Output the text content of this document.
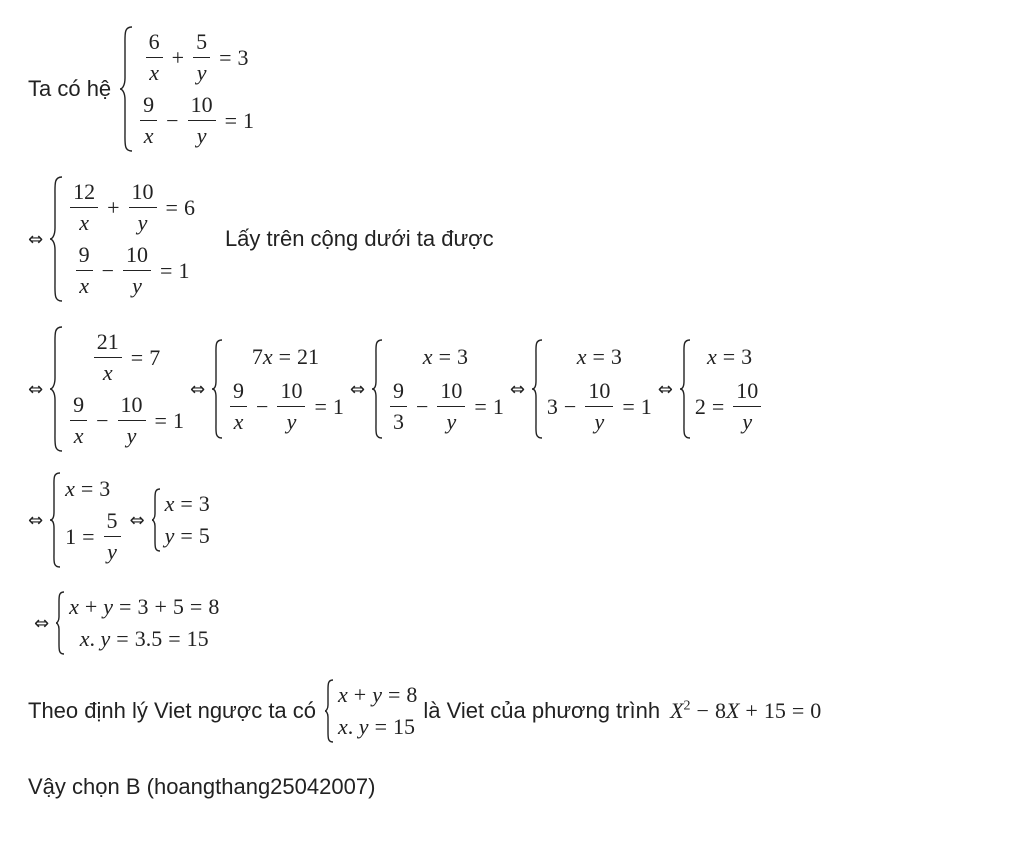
Ta có hệ
$\frac{6}{x} + \frac{5}{y} = 3$
$\frac{9}{x} - \frac{10}{y} = 1$
⇔
$\frac{12}{x} + \frac{10}{y} = 6$
$\frac{9}{x} - \frac{10}{y} = 1$
Lấy trên cộng dưới ta được
⇔
$\frac{21}{x} = 7$
$\frac{9}{x} - \frac{10}{y} = 1$
⇔
7 x = 21
$\frac{9}{x} - \frac{10}{y} = 1$
⇔
x = 3
$\frac{9}{3} - \frac{10}{y} = 1$
⇔
x = 3
$3 - \frac{10}{y} = 1$
⇔
x = 3
$2 = \frac{10}{y}$
⇔
x = 3
$1 = \frac{5}{y}$ ⇔
x = 3
y = 5
⇔
x + y = 3 + 5 = 8
x . y = 3.5 = 15
Theo định lý Viet ngược ta có
x + y = 8
x . y = 15
là Viet của phương trình $X^2 - 8X + 15 = 0$
Vậy chọn B (hoangthang25042007)
